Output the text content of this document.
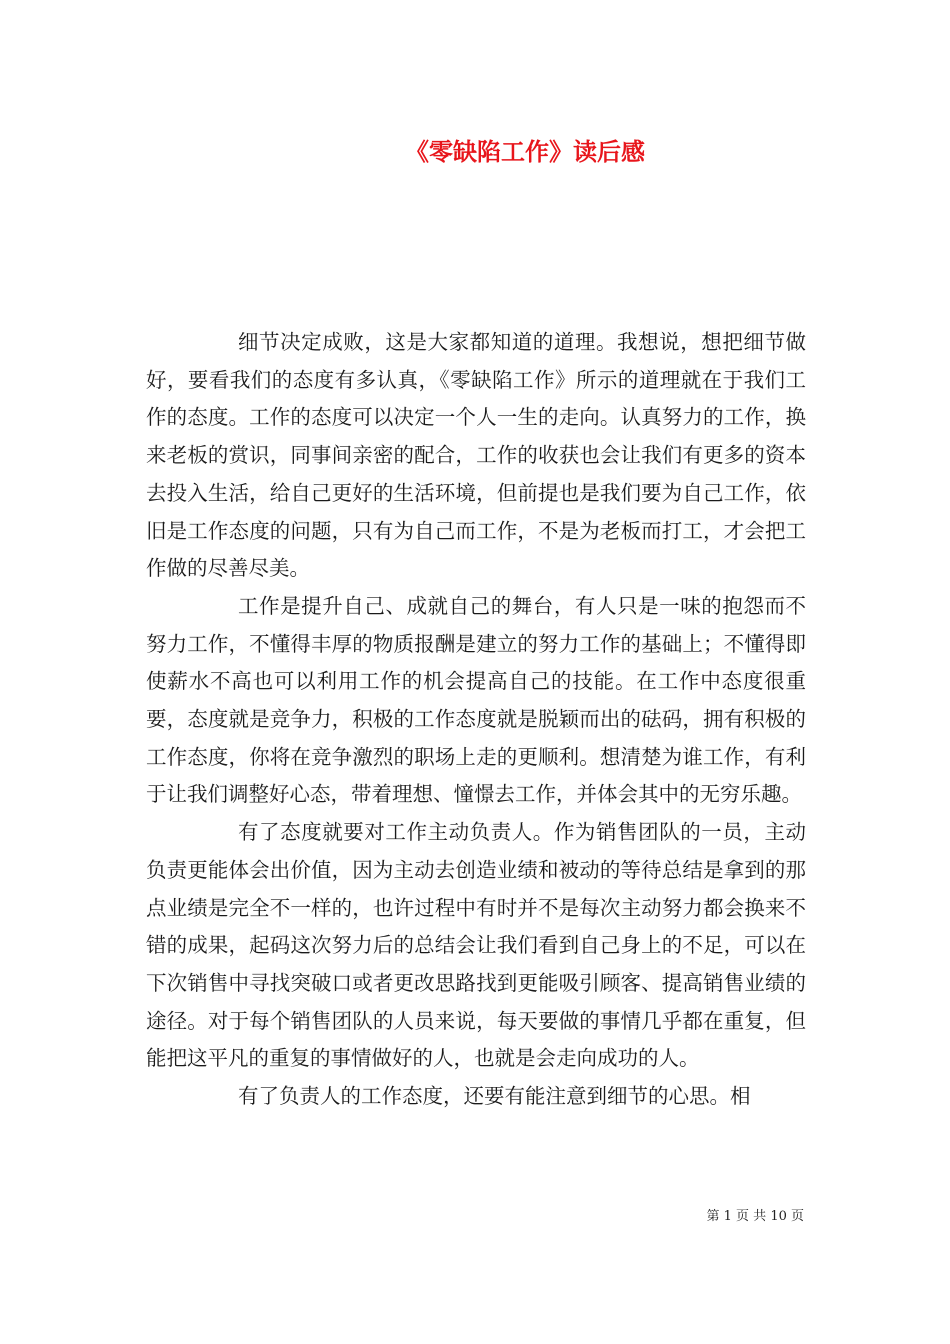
《零缺陷工作》读后感

细节决定成败，这是大家都知道的道理。我想说，想把细节做好，要看我们的态度有多认真，《零缺陷工作》所示的道理就在于我们工作的态度。工作的态度可以决定一个人一生的走向。认真努力的工作，换来老板的赏识，同事间亲密的配合，工作的收获也会让我们有更多的资本去投入生活，给自己更好的生活环境，但前提也是我们要为自己工作，依旧是工作态度的问题，只有为自己而工作，不是为老板而打工，才会把工作做的尽善尽美。

工作是提升自己、成就自己的舞台，有人只是一味的抱怨而不努力工作，不懂得丰厚的物质报酬是建立的努力工作的基础上；不懂得即使薪水不高也可以利用工作的机会提高自己的技能。在工作中态度很重要，态度就是竞争力，积极的工作态度就是脱颖而出的砝码，拥有积极的工作态度，你将在竞争激烈的职场上走的更顺利。想清楚为谁工作，有利于让我们调整好心态，带着理想、憧憬去工作，并体会其中的无穷乐趣。

有了态度就要对工作主动负责人。作为销售团队的一员，主动负责更能体会出价值，因为主动去创造业绩和被动的等待总结是拿到的那点业绩是完全不一样的，也许过程中有时并不是每次主动努力都会换来不错的成果，起码这次努力后的总结会让我们看到自己身上的不足，可以在下次销售中寻找突破口或者更改思路找到更能吸引顾客、提高销售业绩的途径。对于每个销售团队的人员来说，每天要做的事情几乎都在重复，但能把这平凡的重复的事情做好的人，也就是会走向成功的人。

有了负责人的工作态度，还要有能注意到细节的心思。相

第 1 页 共 10 页
